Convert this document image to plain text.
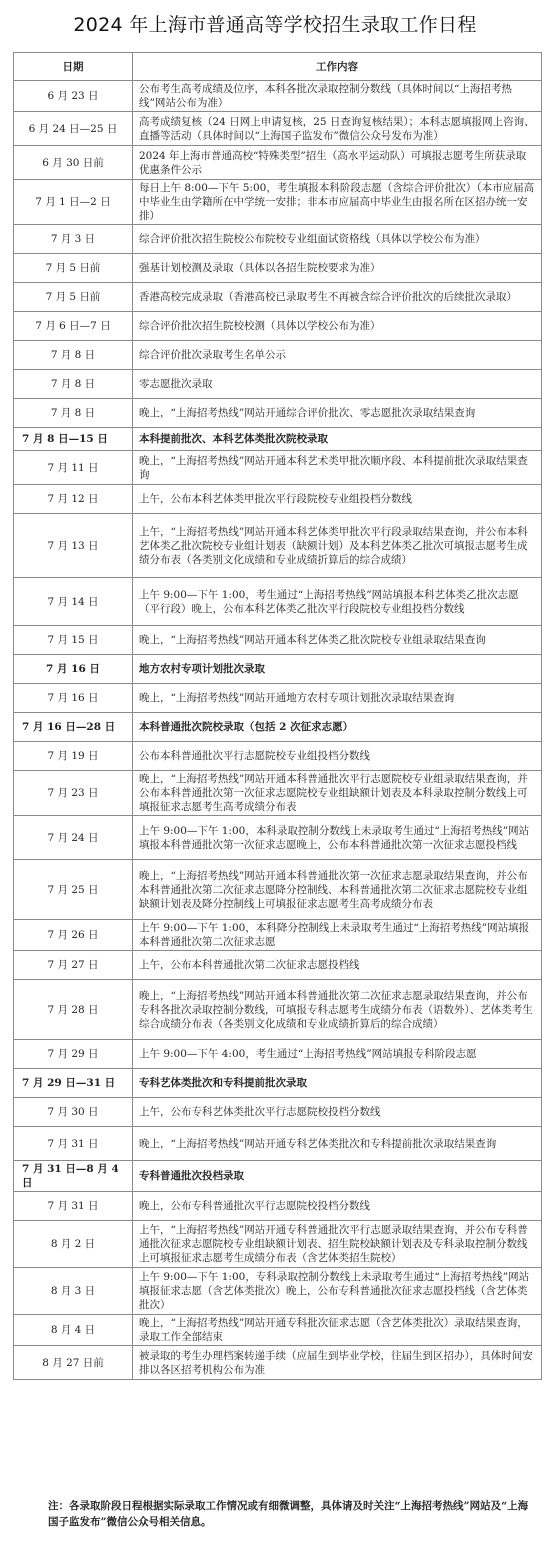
2024 年上海市普通高等学校招生录取工作日程
日期	工作内容
6 月 23 日	公布考生高考成绩及位序，本科各批次录取控制分数线（具体时间以“上海招考热线”网站公布为准）
6 月 24 日—25 日	高考成绩复核（24 日网上申请复核，25 日查询复核结果）；本科志愿填报网上咨询、直播等活动（具体时间以“上海国子监发布”微信公众号发布为准）
6 月 30 日前	2024 年上海市普通高校“特殊类型”招生（高水平运动队）可填报志愿考生所获录取优惠条件公示
7 月 1 日—2 日	每日上午 8:00—下午 5:00，考生填报本科阶段志愿（含综合评价批次）（本市应届高中毕业生由学籍所在中学统一安排；非本市应届高中毕业生由报名所在区招办统一安排）
7 月 3 日	综合评价批次招生院校公布院校专业组面试资格线（具体以学校公布为准）
7 月 5 日前	强基计划校测及录取（具体以各招生院校要求为准）
7 月 5 日前	香港高校完成录取（香港高校已录取考生不再被含综合评价批次的后续批次录取）
7 月 6 日—7 日	综合评价批次招生院校校测（具体以学校公布为准）
7 月 8 日	综合评价批次录取考生名单公示
7 月 8 日	零志愿批次录取
7 月 8 日	晚上，“上海招考热线”网站开通综合评价批次、零志愿批次录取结果查询
7 月 8 日—15 日	本科提前批次、本科艺体类批次院校录取
7 月 11 日	晚上，“上海招考热线”网站开通本科艺术类甲批次顺序段、本科提前批次录取结果查询
7 月 12 日	上午，公布本科艺体类甲批次平行段院校专业组投档分数线
7 月 13 日	上午，“上海招考热线”网站开通本科艺体类甲批次平行段录取结果查询，并公布本科艺体类乙批次院校专业组计划表（缺额计划）及本科艺体类乙批次可填报志愿考生成绩分布表（各类别文化成绩和专业成绩折算后的综合成绩）
7 月 14 日	上午 9:00—下午 1:00，考生通过“上海招考热线”网站填报本科艺体类乙批次志愿（平行段）晚上，公布本科艺体类乙批次平行段院校专业组投档分数线
7 月 15 日	晚上，“上海招考热线”网站开通本科艺体类乙批次院校专业组录取结果查询
7 月 16 日	地方农村专项计划批次录取
7 月 16 日	晚上，“上海招考热线”网站开通地方农村专项计划批次录取结果查询
7 月 16 日—28 日	本科普通批次院校录取（包括 2 次征求志愿）
7 月 19 日	公布本科普通批次平行志愿院校专业组投档分数线
7 月 23 日	晚上，“上海招考热线”网站开通本科普通批次平行志愿院校专业组录取结果查询，并公布本科普通批次第一次征求志愿院校专业组缺额计划表及本科录取控制分数线上可填报征求志愿考生高考成绩分布表
7 月 24 日	上午 9:00—下午 1:00，本科录取控制分数线上未录取考生通过“上海招考热线”网站填报本科普通批次第一次征求志愿晚上，公布本科普通批次第一次征求志愿投档线
7 月 25 日	晚上，“上海招考热线”网站开通本科普通批次第一次征求志愿录取结果查询，并公布本科普通批次第二次征求志愿降分控制线、本科普通批次第二次征求志愿院校专业组缺额计划表及降分控制线上可填报征求志愿考生高考成绩分布表
7 月 26 日	上午 9:00—下午 1:00，本科降分控制线上未录取考生通过“上海招考热线”网站填报本科普通批次第二次征求志愿
7 月 27 日	上午，公布本科普通批次第二次征求志愿投档线
7 月 28 日	晚上，“上海招考热线”网站开通本科普通批次第二次征求志愿录取结果查询，并公布专科各批次录取控制分数线，可填报专科志愿考生成绩分布表（语数外）、艺体类考生综合成绩分布表（各类别文化成绩和专业成绩折算后的综合成绩）
7 月 29 日	上午 9:00—下午 4:00，考生通过“上海招考热线”网站填报专科阶段志愿
7 月 29 日—31 日	专科艺体类批次和专科提前批次录取
7 月 30 日	上午，公布专科艺体类批次平行志愿院校投档分数线
7 月 31 日	晚上，“上海招考热线”网站开通专科艺体类批次和专科提前批次录取结果查询
7 月 31 日—8 月 4 日	专科普通批次投档录取
7 月 31 日	晚上，公布专科普通批次平行志愿院校投档分数线
8 月 2 日	上午，“上海招考热线”网站开通专科普通批次平行志愿录取结果查询，并公布专科普通批次征求志愿院校专业组缺额计划表、招生院校缺额计划表及专科录取控制分数线上可填报征求志愿考生成绩分布表（含艺体类招生院校）
8 月 3 日	上午 9:00—下午 1:00，专科录取控制分数线上未录取考生通过“上海招考热线”网站填报征求志愿（含艺体类批次）晚上，公布专科普通批次征求志愿投档线（含艺体类批次）
8 月 4 日	晚上，“上海招考热线”网站开通专科批次征求志愿（含艺体类批次）录取结果查询，录取工作全部结束
8 月 27 日前	被录取的考生办理档案转递手续（应届生到毕业学校，往届生到区招办），具体时间安排以各区招考机构公布为准
注：各录取阶段日程根据实际录取工作情况或有细微调整，具体请及时关注“上海招考热线”网站及“上海国子监发布”微信公众号相关信息。
